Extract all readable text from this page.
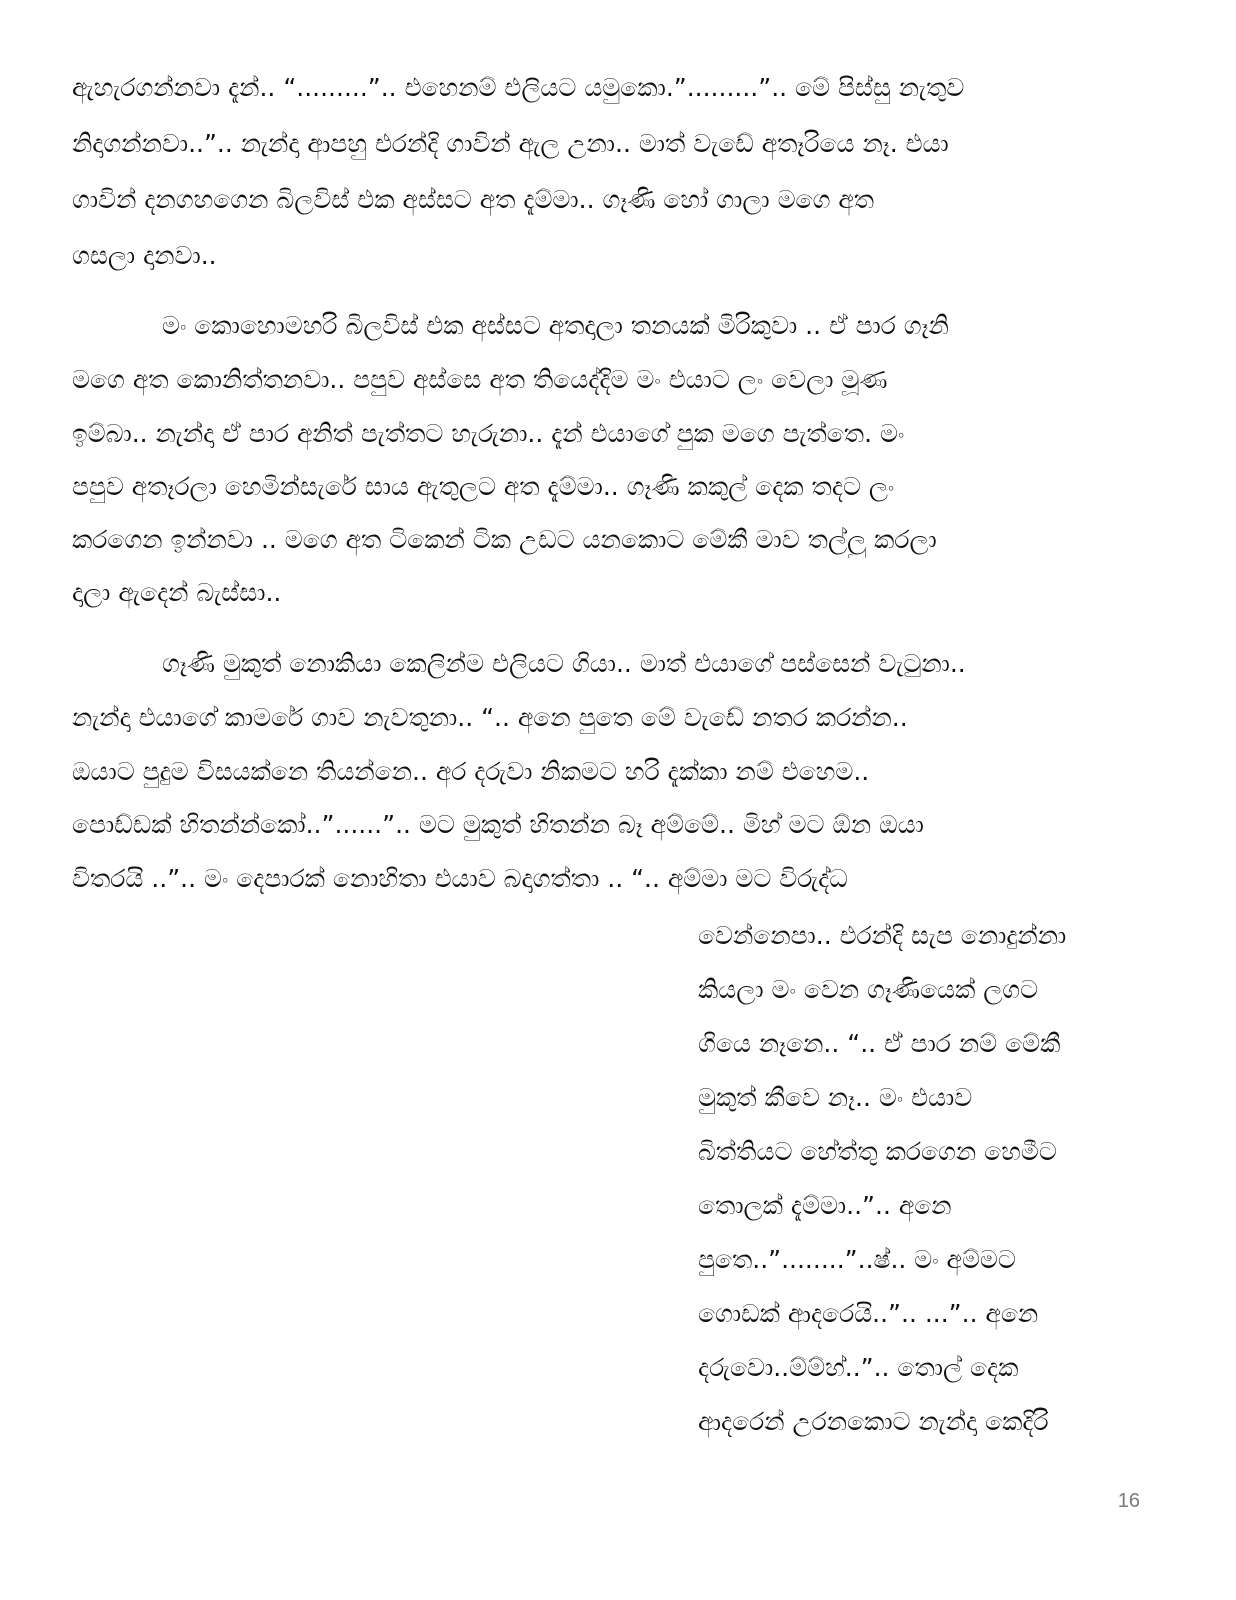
ඇහැරගන්නවා දැන්.. “.........”.. එහෙනම් එලියට යමුකො.”.........”.. මේ පිස්සු නැතුව
නිදාගන්නවා..”.. නැන්දා ආපහු එරන්දි ගාවින් ඇල උනා.. මාත් වැඩේ අතෑරියෙ නෑ. එයා
ගාවින් දනගහගෙන බිලවිස් එක අස්සට අත දැම්මා.. ගෑණි හෝ ගාලා මගෙ අත
ගසලා දානවා..
මං කොහොමහරි බිලවිස් එක අස්සට අතදාලා තනයක් මිරිකුවා .. ඒ පාර ගෑනි
මගෙ අත කොනිත්තනවා.. පපුව අස්සෙ අත තියෙද්දිම මං එයාට ලං වෙලා මූණ
ඉම්බා.. නැන්දා ඒ පාර අනිත් පැත්තට හැරුනා.. දැන් එයාගේ පුක මගෙ පැත්තෙ. මං
පපුව අතෑරලා හෙමින්සැරේ සාය ඇතුලට අත දැම්මා.. ගෑණි කකුල් දෙක තදට ලං
කරගෙන ඉන්නවා .. මගෙ අත ටිකෙන් ටික උඩට යනකොට මේකී මාව තල්ලු කරලා
දාලා ඇදෙන් බැස්සා..
ගෑණි මුකුත් නොකියා කෙලින්ම එලියට ගියා.. මාත් එයාගේ පස්සෙන් වැටුනා..
නැන්දා එයාගේ කාමරේ ගාව නැවතුනා.. “.. අනෙ පුතෙ මේ වැඩේ නතර කරන්න..
ඔයාට පුදුම විසයක්නෙ තියන්නෙ.. අර දරුවා නිකමට හරි දැක්කා නම් එහෙම..
පොඩ්ඩක් හිතන්න්කෝ..”......”.. මට මුකුත් හිතන්න බෑ අම්මේ.. මිහ් මට ඕන ඔයා
විතරයි ..”.. මං දෙපාරක් නොහිතා එයාව බදාගත්තා .. “.. අම්මා මට විරුද්ධ
වෙන්නෙපා.. එරන්දි සැප නොදුන්නා
කියලා මං වෙන ගෑණියෙක් ලගට
ගියෙ නෑනෙ.. “.. ඒ පාර නම් මේකී
මුකුත් කීවෙ නෑ.. මං එයාව
බිත්තියට හේත්තු කරගෙන හෙමීට
තොලක් දැම්මා..”.. අනෙ
පුතෙ..”........”..ෂ්.. මං අම්මට
ගොඩක් ආදරෙයි..”.. ...”.. අනෙ
දරුවො..ම්ම්හ්..”.. තොල් දෙක
ආදරෙන් උරනකොට නැන්දා කෙදිරි
16
